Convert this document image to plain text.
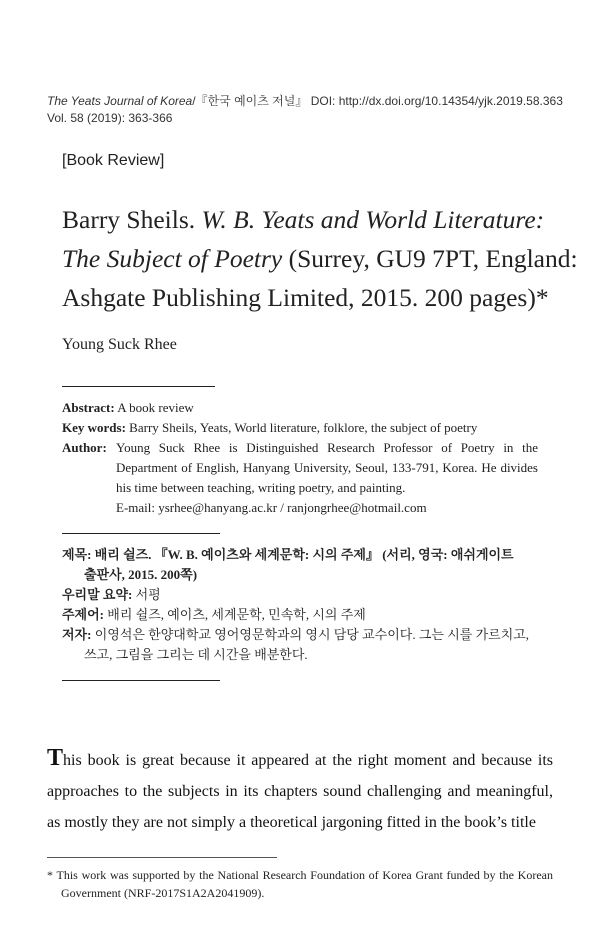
The Yeats Journal of Korea/『한국 예이츠 저널』 DOI: http://dx.doi.org/10.14354/yjk.2019.58.363
Vol. 58 (2019): 363-366
[Book Review]
Barry Sheils. W. B. Yeats and World Literature: The Subject of Poetry (Surrey, GU9 7PT, England: Ashgate Publishing Limited, 2015. 200 pages)*
Young Suck Rhee
Abstract: A book review
Key words: Barry Sheils, Yeats, World literature, folklore, the subject of poetry
Author: Young Suck Rhee is Distinguished Research Professor of Poetry in the Department of English, Hanyang University, Seoul, 133-791, Korea. He divides his time between teaching, writing poetry, and painting.
E-mail: ysrhee@hanyang.ac.kr / ranjongrhee@hotmail.com
제목: 배리 쉴즈. 『W. B. 예이츠와 세계문학: 시의 주제』 (서리, 영국: 애쉬게이트
출판사, 2015. 200쪽)
우리말 요약: 서평
주제어: 배리 쉴즈, 예이츠, 세계문학, 민속학, 시의 주제
저자: 이영석은 한양대학교 영어영문학과의 영시 담당 교수이다. 그는 시를 가르치고,
쓰고, 그림을 그리는 데 시간을 배분한다.
This book is great because it appeared at the right moment and because its approaches to the subjects in its chapters sound challenging and meaningful, as mostly they are not simply a theoretical jargoning fitted in the book’s title
* This work was supported by the National Research Foundation of Korea Grant funded by the Korean Government (NRF-2017S1A2A2041909).
